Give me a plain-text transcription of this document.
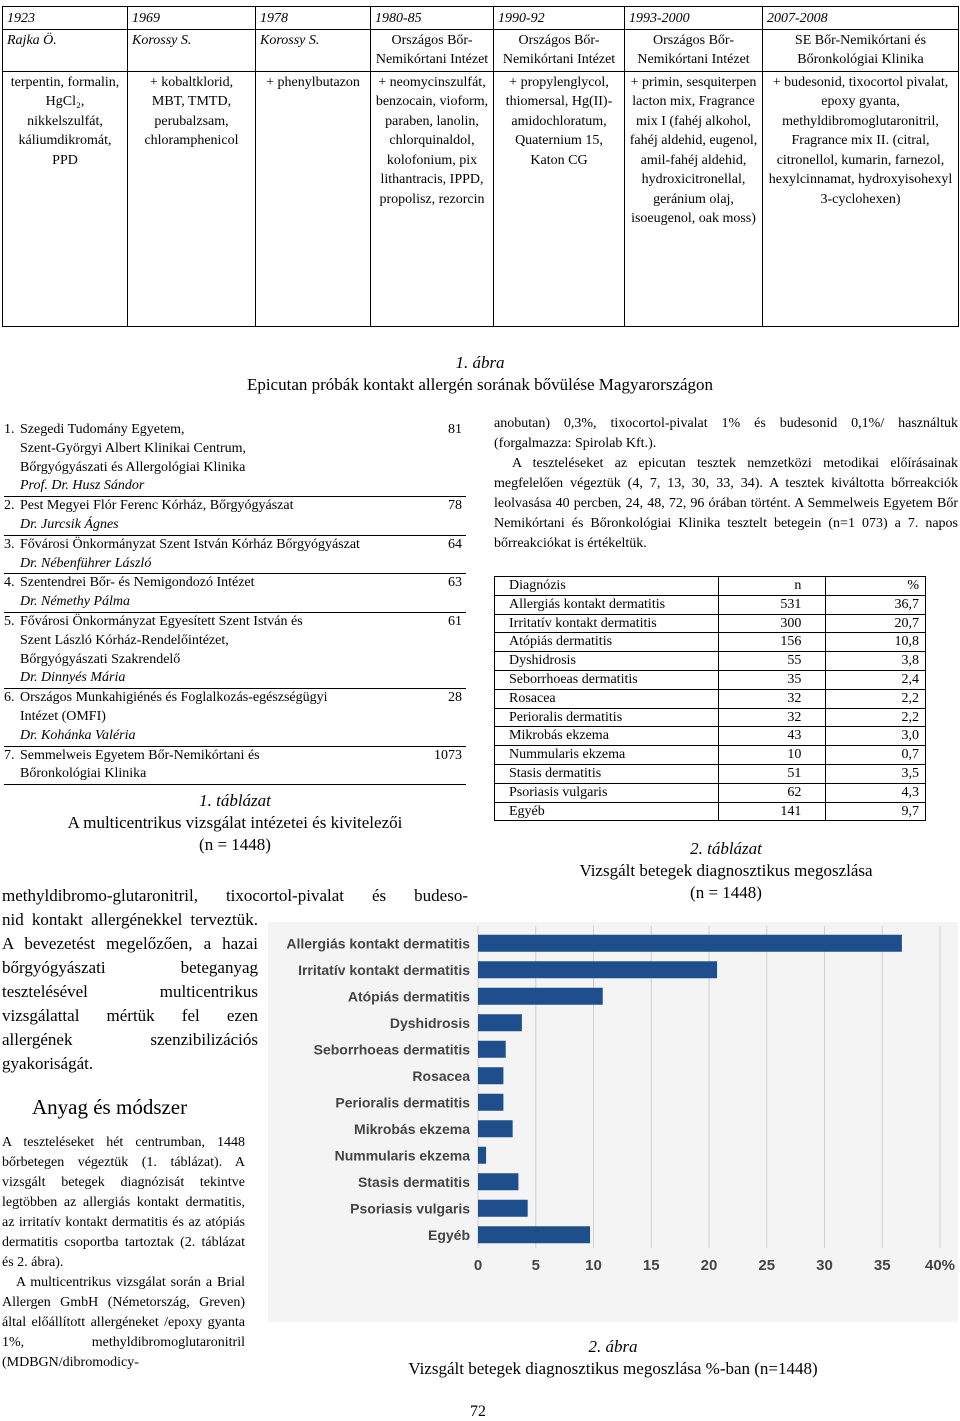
1923	1969	1978	1980-85	1990-92	1993-2000	2007-2008
Rajka Ö.	Korossy S.	Korossy S.	Országos Bőr-Nemikórtani Intézet	Országos Bőr-Nemikórtani Intézet	Országos Bőr-Nemikórtani Intézet	SE Bőr-Nemikórtani és Bőronkológiai Klinika
terpentin, formalin, HgCl₂, nikkelszulfát, káliumdikromát, PPD	+ kobaltklorid, MBT, TMTD, perubalzsam, chloramphenicol	+ phenylbutazon	+ neomycinszulfát, benzocain, vioform, paraben, lanolin, chlorquinaldol, kolofonium, pix lithantracis, IPPD, propolisz, rezorcin	+ propylenglycol, thiomersal, Hg(II)-amidochloratum, Quaternium 15, Katon CG	+ primin, sesquiterpen lacton mix, Fragrance mix I (fahéj alkohol, fahéj aldehid, eugenol, amil-fahéj aldehid, hydroxicitronellal, geránium olaj, isoeugenol, oak moss)	+ budesonid, tixocortol pivalat, epoxy gyanta, methyldibromoglutaronitril, Fragrance mix II. (citral, citronellol, kumarin, farnezol, hexylcinnamat, hydroxyisohexyl 3-cyclohexen)
1. ábra
Epicutan próbák kontakt allergén sorának bővülése Magyarországon
1. Szegedi Tudomány Egyetem,
Szent-Györgyi Albert Klinikai Centrum,
Bőrgyógyászati és Allergológiai Klinika
Prof. Dr. Husz Sándor
81
2. Pest Megyei Flór Ferenc Kórház, Bőrgyógyászat
Dr. Jurcsik Ágnes
78
3. Fővárosi Önkormányzat Szent István Kórház Bőrgyógyászat
Dr. Nébenführer László
64
4. Szentendrei Bőr- és Nemigondozó Intézet
Dr. Némethy Pálma
63
5. Fővárosi Önkormányzat Egyesített Szent István és
Szent László Kórház-Rendelőintézet,
Bőrgyógyászati Szakrendelő
Dr. Dinnyés Mária
61
6. Országos Munkahigiénés és Foglalkozás-egészségügyi
Intézet (OMFI)
Dr. Kohánka Valéria
28
7. Semmelweis Egyetem Bőr-Nemikórtani és
Bőronkológiai Klinika
1073
1. táblázat
A multicentrikus vizsgálat intézetei és kivitelezői
(n = 1448)
anobutan) 0,3%, tixocortol-pivalat 1% és budesonid 0,1%/ használtuk (forgalmazza: Spirolab Kft.).
A teszteléseket az epicutan tesztek nemzetközi metodikai előírásainak megfelelően végeztük (4, 7, 13, 30, 33, 34). A tesztek kiváltotta bőrreakciók leolvasása 40 percben, 24, 48, 72, 96 órában történt. A Semmelweis Egyetem Bőr Nemikórtani és Bőronkológiai Klinika tesztelt betegein (n=1 073) a 7. napos bőrreakciókat is értékeltük.
Diagnózis	n	%
Allergiás kontakt dermatitis	531	36,7
Irritatív kontakt dermatitis	300	20,7
Atópiás dermatitis	156	10,8
Dyshidrosis	55	3,8
Seborrhoeas dermatitis	35	2,4
Rosacea	32	2,2
Perioralis dermatitis	32	2,2
Mikrobás ekzema	43	3,0
Nummularis ekzema	10	0,7
Stasis dermatitis	51	3,5
Psoriasis vulgaris	62	4,3
Egyéb	141	9,7
2. táblázat
Vizsgált betegek diagnosztikus megoszlása
(n = 1448)
methyldibromo-glutaronitril, tixocortol-pivalat és budeso-
nid kontakt allergénekkel terveztük. A bevezetést megelőzően, a hazai bőrgyógyászati beteganyag tesztelésével multicentrikus vizsgálattal mértük fel ezen allergének szenzibilizációs gyakoriságát.
Anyag és módszer
A teszteléseket hét centrumban, 1448 bőrbetegen végeztük (1. táblázat). A vizsgált betegek diagnózisát tekintve legtöbben az allergiás kontakt dermatitis, az irritatív kontakt dermatitis és az atópiás dermatitis csoportba tartoztak (2. táblázat és 2. ábra).
A multicentrikus vizsgálat során a Brial Allergen GmbH (Németország, Greven) által előállított allergéneket /epoxy gyanta 1%, methyldibromoglutaronitril (MDBGN/dibromodicy-
0	5	10	15	20	25	30	35 40%
Allergiás kontakt dermatitis
Irritatív kontakt dermatitis
Atópiás dermatitis
Dyshidrosis
Seborrhoeas dermatitis
Rosacea
Perioralis dermatitis
Mikrobás ekzema
Nummularis ekzema
Stasis dermatitis
Psoriasis vulgaris
Egyéb
2. ábra
Vizsgált betegek diagnosztikus megoszlása %-ban (n=1448)
72
